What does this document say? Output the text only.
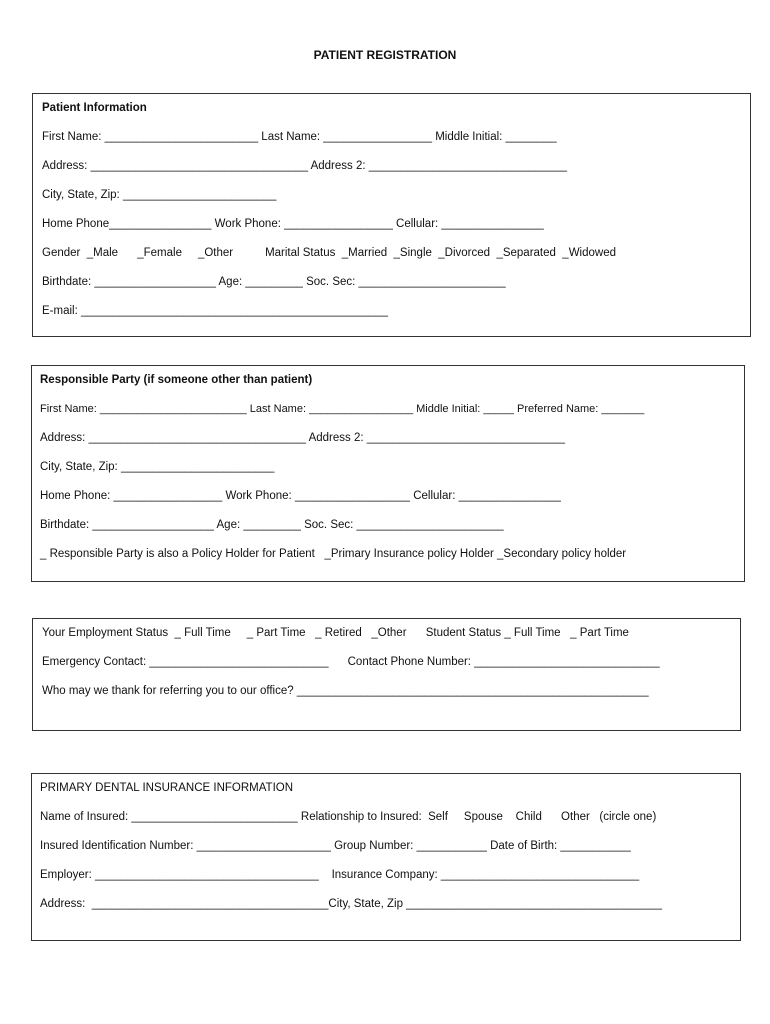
PATIENT REGISTRATION
Patient Information
First Name: ________________________ Last Name: _________________ Middle Initial: ________
Address: __________________________________ Address 2: _______________________________
City, State, Zip: ________________________
Home Phone________________ Work Phone: _________________ Cellular: ________________
Gender  _Male      _Female     _Other          Marital Status  _Married  _Single  _Divorced  _Separated  _Widowed
Birthdate: ___________________ Age: _________ Soc. Sec: _______________________
E-mail: ________________________________________________
Responsible Party (if someone other than patient)
First Name: ________________________ Last Name: _________________ Middle Initial: _____ Preferred Name: _______
Address: __________________________________ Address 2: _______________________________
City, State, Zip: ________________________
Home Phone: _________________ Work Phone: __________________ Cellular: ________________
Birthdate: ___________________ Age: _________ Soc. Sec: _______________________
_ Responsible Party is also a Policy Holder for Patient   _Primary Insurance policy Holder _Secondary policy holder
Your Employment Status  _ Full Time     _ Part Time   _ Retired   _Other      Student Status _ Full Time   _ Part Time
Emergency Contact: ____________________________      Contact Phone Number: _____________________________
Who may we thank for referring you to our office? _______________________________________________________
PRIMARY DENTAL INSURANCE INFORMATION
Name of Insured: __________________________ Relationship to Insured:  Self     Spouse    Child      Other   (circle one)
Insured Identification Number: _____________________ Group Number: ___________ Date of Birth: ___________
Employer: ___________________________________    Insurance Company: _______________________________
Address:  _____________________________________City, State, Zip ________________________________________
